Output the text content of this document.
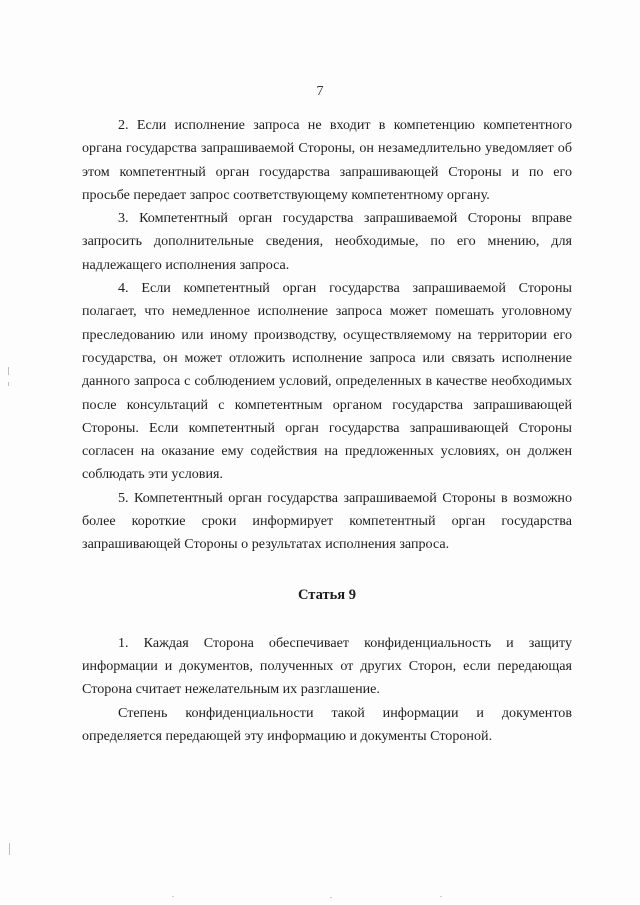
7

2. Если исполнение запроса не входит в компетенцию компетентного органа государства запрашиваемой Стороны, он незамедлительно уведомляет об этом компетентный орган государства запрашивающей Стороны и по его просьбе передает запрос соответствующему компетентному органу.

3. Компетентный орган государства запрашиваемой Стороны вправе запросить дополнительные сведения, необходимые, по его мнению, для надлежащего исполнения запроса.

4. Если компетентный орган государства запрашиваемой Стороны полагает, что немедленное исполнение запроса может помешать уголовному преследованию или иному производству, осуществляемому на территории его государства, он может отложить исполнение запроса или связать исполнение данного запроса с соблюдением условий, определенных в качестве необходимых после консультаций с компетентным органом государства запрашивающей Стороны. Если компетентный орган государства запрашивающей Стороны согласен на оказание ему содействия на предложенных условиях, он должен соблюдать эти условия.

5. Компетентный орган государства запрашиваемой Стороны в возможно более короткие сроки информирует компетентный орган государства запрашивающей Стороны о результатах исполнения запроса.

Статья 9

1. Каждая Сторона обеспечивает конфиденциальность и защиту информации и документов, полученных от других Сторон, если передающая Сторона считает нежелательным их разглашение.

Степень конфиденциальности такой информации и документов определяется передающей эту информацию и документы Стороной.
